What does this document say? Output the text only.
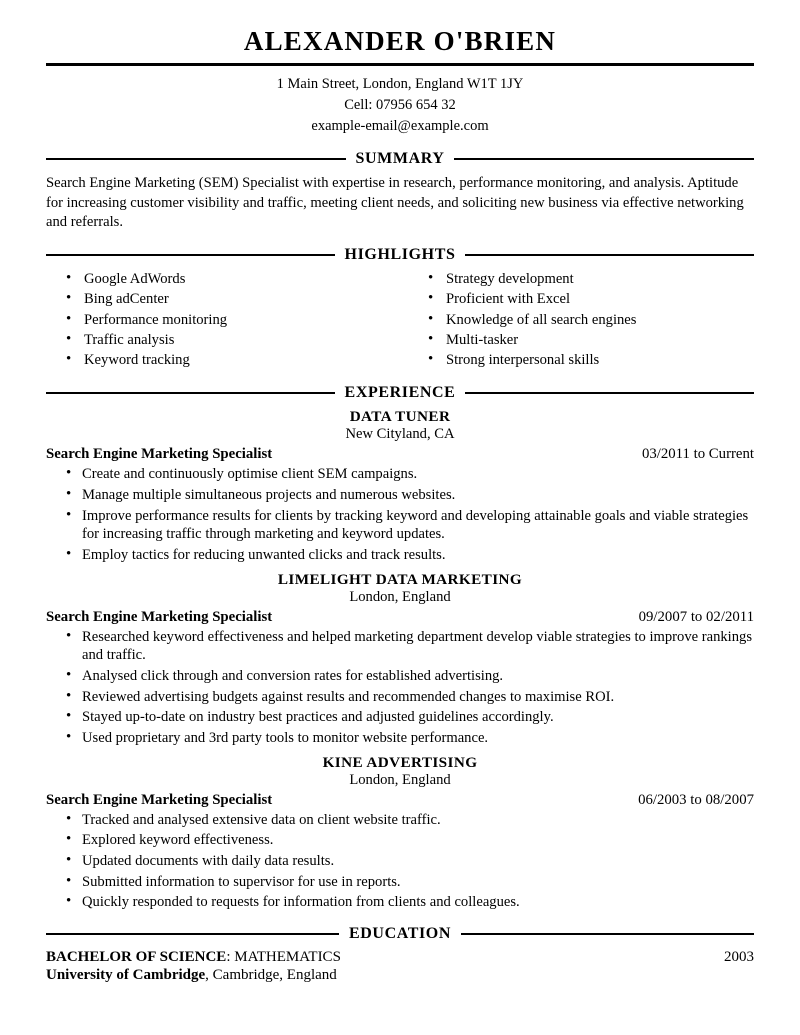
ALEXANDER O'BRIEN
1 Main Street, London, England W1T 1JY
Cell: 07956 654 32
example-email@example.com
SUMMARY
Search Engine Marketing (SEM) Specialist with expertise in research, performance monitoring, and analysis. Aptitude for increasing customer visibility and traffic, meeting client needs, and soliciting new business via effective networking and referrals.
HIGHLIGHTS
• Google AdWords
• Bing adCenter
• Performance monitoring
• Traffic analysis
• Keyword tracking
• Strategy development
• Proficient with Excel
• Knowledge of all search engines
• Multi-tasker
• Strong interpersonal skills
EXPERIENCE
DATA TUNER
New Cityland, CA
Search Engine Marketing Specialist	03/2011 to Current
• Create and continuously optimise client SEM campaigns.
• Manage multiple simultaneous projects and numerous websites.
• Improve performance results for clients by tracking keyword and developing attainable goals and viable strategies for increasing traffic through marketing and keyword updates.
• Employ tactics for reducing unwanted clicks and track results.
LIMELIGHT DATA MARKETING
London, England
Search Engine Marketing Specialist	09/2007 to 02/2011
• Researched keyword effectiveness and helped marketing department develop viable strategies to improve rankings and traffic.
• Analysed click through and conversion rates for established advertising.
• Reviewed advertising budgets against results and recommended changes to maximise ROI.
• Stayed up-to-date on industry best practices and adjusted guidelines accordingly.
• Used proprietary and 3rd party tools to monitor website performance.
KINE ADVERTISING
London, England
Search Engine Marketing Specialist	06/2003 to 08/2007
• Tracked and analysed extensive data on client website traffic.
• Explored keyword effectiveness.
• Updated documents with daily data results.
• Submitted information to supervisor for use in reports.
• Quickly responded to requests for information from clients and colleagues.
EDUCATION
BACHELOR OF SCIENCE: MATHEMATICS	2003
University of Cambridge, Cambridge, England
